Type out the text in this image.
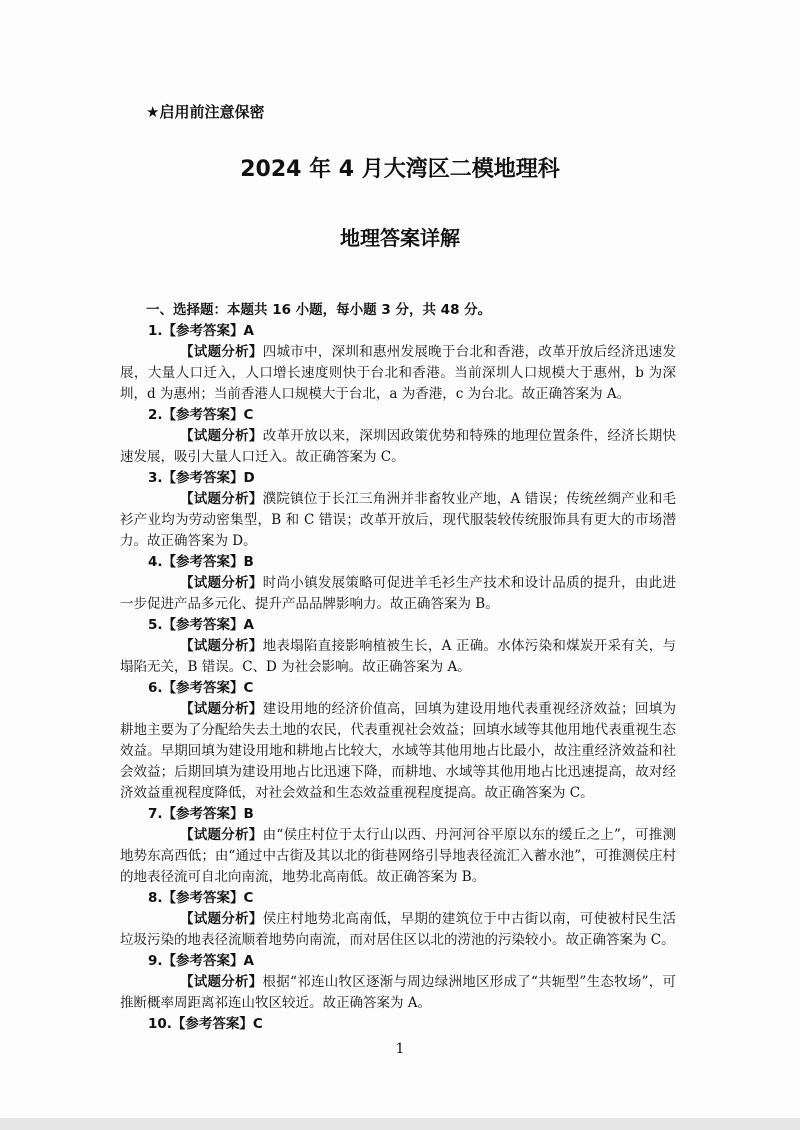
★启用前注意保密
2024 年 4 月大湾区二模地理科
地理答案详解

一、选择题：本题共 16 小题，每小题 3 分，共 48 分。

1.【参考答案】A

【试题分析】四城市中，深圳和惠州发展晚于台北和香港，改革开放后经济迅速发展，大量人口迁入，人口增长速度则快于台北和香港。当前深圳人口规模大于惠州，b 为深圳，d 为惠州；当前香港人口规模大于台北，a 为香港，c 为台北。故正确答案为 A。

2.【参考答案】C

【试题分析】改革开放以来，深圳因政策优势和特殊的地理位置条件，经济长期快速发展，吸引大量人口迁入。故正确答案为 C。

3.【参考答案】D

【试题分析】濮院镇位于长江三角洲并非畜牧业产地，A 错误；传统丝绸产业和毛衫产业均为劳动密集型，B 和 C 错误；改革开放后，现代服装较传统服饰具有更大的市场潜力。故正确答案为 D。

4.【参考答案】B

【试题分析】时尚小镇发展策略可促进羊毛衫生产技术和设计品质的提升，由此进一步促进产品多元化、提升产品品牌影响力。故正确答案为 B。

5.【参考答案】A

【试题分析】地表塌陷直接影响植被生长，A 正确。水体污染和煤炭开采有关，与塌陷无关，B 错误。C、D 为社会影响。故正确答案为 A。

6.【参考答案】C

【试题分析】建设用地的经济价值高，回填为建设用地代表重视经济效益；回填为耕地主要为了分配给失去土地的农民，代表重视社会效益；回填水域等其他用地代表重视生态效益。早期回填为建设用地和耕地占比较大，水域等其他用地占比最小，故注重经济效益和社会效益；后期回填为建设用地占比迅速下降，而耕地、水域等其他用地占比迅速提高，故对经济效益重视程度降低，对社会效益和生态效益重视程度提高。故正确答案为 C。

7.【参考答案】B

【试题分析】由“侯庄村位于太行山以西、丹河河谷平原以东的缓丘之上”，可推测地势东高西低；由“通过中古街及其以北的街巷网络引导地表径流汇入蓄水池”，可推测侯庄村的地表径流可自北向南流，地势北高南低。故正确答案为 B。

8.【参考答案】C

【试题分析】侯庄村地势北高南低，早期的建筑位于中古街以南，可使被村民生活垃圾污染的地表径流顺着地势向南流，而对居住区以北的涝池的污染较小。故正确答案为 C。

9.【参考答案】A

【试题分析】根据“祁连山牧区逐渐与周边绿洲地区形成了“共轭型”生态牧场”，可推断概率周距离祁连山牧区较近。故正确答案为 A。

10.【参考答案】C

1
